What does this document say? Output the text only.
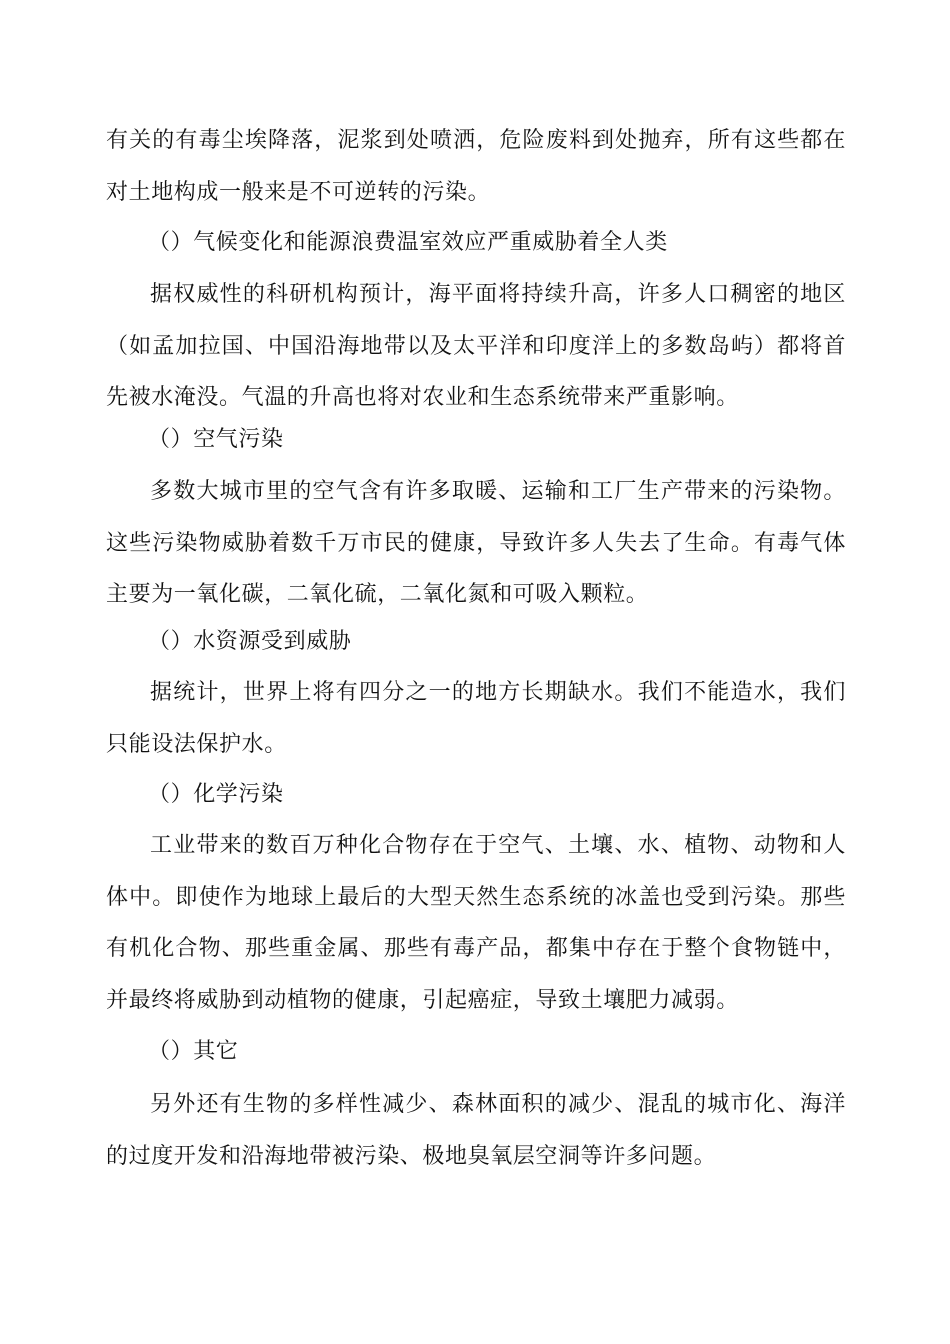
有关的有毒尘埃降落，泥浆到处喷洒，危险废料到处抛弃，所有这些都在对土地构成一般来是不可逆转的污染。

（）气候变化和能源浪费温室效应严重威胁着全人类

据权威性的科研机构预计，海平面将持续升高，许多人口稠密的地区（如孟加拉国、中国沿海地带以及太平洋和印度洋上的多数岛屿）都将首先被水淹没。气温的升高也将对农业和生态系统带来严重影响。

（）空气污染

多数大城市里的空气含有许多取暖、运输和工厂生产带来的污染物。这些污染物威胁着数千万市民的健康，导致许多人失去了生命。有毒气体主要为一氧化碳，二氧化硫，二氧化氮和可吸入颗粒。

（）水资源受到威胁

据统计，世界上将有四分之一的地方长期缺水。我们不能造水，我们只能设法保护水。

（）化学污染

工业带来的数百万种化合物存在于空气、土壤、水、植物、动物和人体中。即使作为地球上最后的大型天然生态系统的冰盖也受到污染。那些有机化合物、那些重金属、那些有毒产品，都集中存在于整个食物链中，并最终将威胁到动植物的健康，引起癌症，导致土壤肥力减弱。

（）其它

另外还有生物的多样性减少、森林面积的减少、混乱的城市化、海洋的过度开发和沿海地带被污染、极地臭氧层空洞等许多问题。
